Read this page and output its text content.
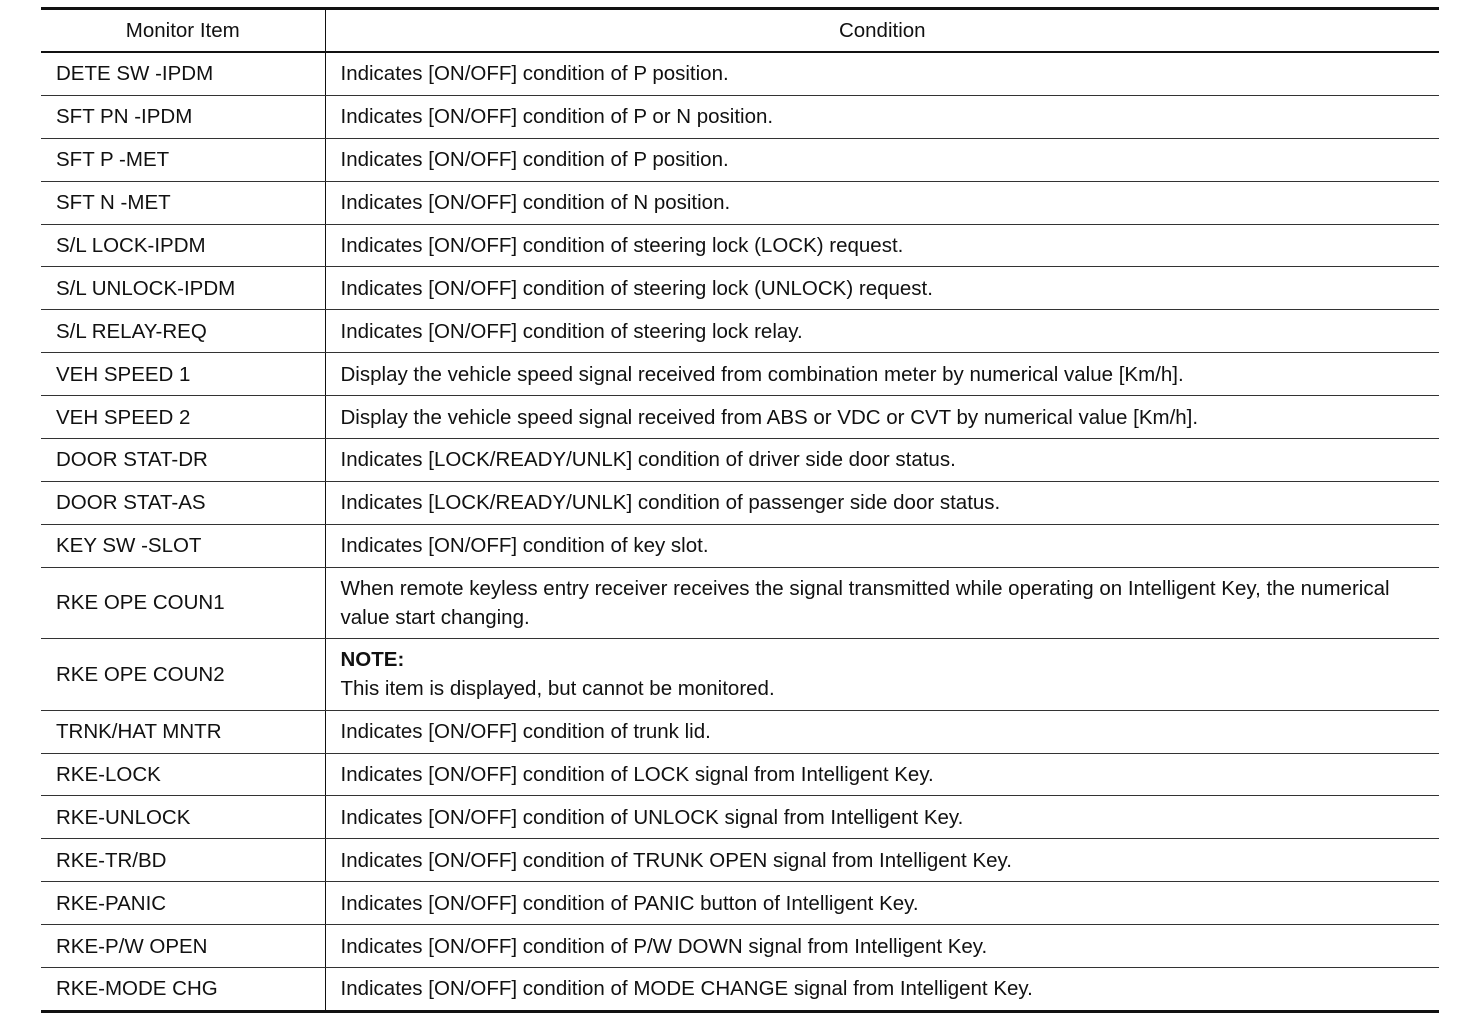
Monitor Item	Condition
DETE SW -IPDM	Indicates [ON/OFF] condition of P position.
SFT PN -IPDM	Indicates [ON/OFF] condition of P or N position.
SFT P -MET	Indicates [ON/OFF] condition of P position.
SFT N -MET	Indicates [ON/OFF] condition of N position.
S/L LOCK-IPDM	Indicates [ON/OFF] condition of steering lock (LOCK) request.
S/L UNLOCK-IPDM	Indicates [ON/OFF] condition of steering lock (UNLOCK) request.
S/L RELAY-REQ	Indicates [ON/OFF] condition of steering lock relay.
VEH SPEED 1	Display the vehicle speed signal received from combination meter by numerical value [Km/h].
VEH SPEED 2	Display the vehicle speed signal received from ABS or VDC or CVT by numerical value [Km/h].
DOOR STAT-DR	Indicates [LOCK/READY/UNLK] condition of driver side door status.
DOOR STAT-AS	Indicates [LOCK/READY/UNLK] condition of passenger side door status.
KEY SW -SLOT	Indicates [ON/OFF] condition of key slot.
RKE OPE COUN1	When remote keyless entry receiver receives the signal transmitted while operating on Intelligent Key, the numerical value start changing.
RKE OPE COUN2	NOTE:
This item is displayed, but cannot be monitored.

TRNK/HAT MNTR	Indicates [ON/OFF] condition of trunk lid.
RKE-LOCK	Indicates [ON/OFF] condition of LOCK signal from Intelligent Key.
RKE-UNLOCK	Indicates [ON/OFF] condition of UNLOCK signal from Intelligent Key.
RKE-TR/BD	Indicates [ON/OFF] condition of TRUNK OPEN signal from Intelligent Key.
RKE-PANIC	Indicates [ON/OFF] condition of PANIC button of Intelligent Key.
RKE-P/W OPEN	Indicates [ON/OFF] condition of P/W DOWN signal from Intelligent Key.
RKE-MODE CHG	Indicates [ON/OFF] condition of MODE CHANGE signal from Intelligent Key.
